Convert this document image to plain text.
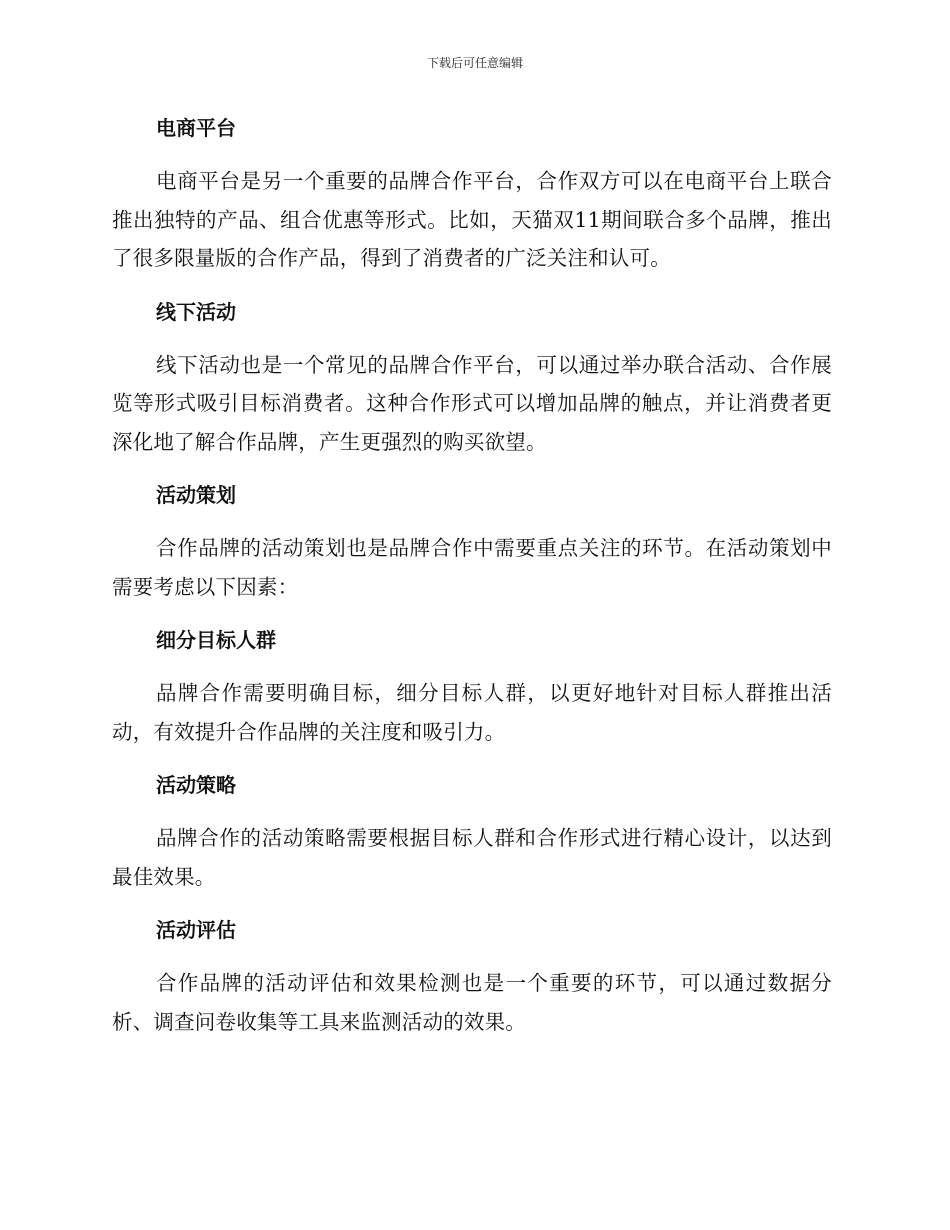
下载后可任意编辑
电商平台
电商平台是另一个重要的品牌合作平台，合作双方可以在电商平台上联合推出独特的产品、组合优惠等形式。比如，天猫双11期间联合多个品牌，推出了很多限量版的合作产品，得到了消费者的广泛关注和认可。
线下活动
线下活动也是一个常见的品牌合作平台，可以通过举办联合活动、合作展览等形式吸引目标消费者。这种合作形式可以增加品牌的触点，并让消费者更深化地了解合作品牌，产生更强烈的购买欲望。
活动策划
合作品牌的活动策划也是品牌合作中需要重点关注的环节。在活动策划中需要考虑以下因素：
细分目标人群
品牌合作需要明确目标，细分目标人群，以更好地针对目标人群推出活动，有效提升合作品牌的关注度和吸引力。
活动策略
品牌合作的活动策略需要根据目标人群和合作形式进行精心设计，以达到最佳效果。
活动评估
合作品牌的活动评估和效果检测也是一个重要的环节，可以通过数据分析、调查问卷收集等工具来监测活动的效果。
